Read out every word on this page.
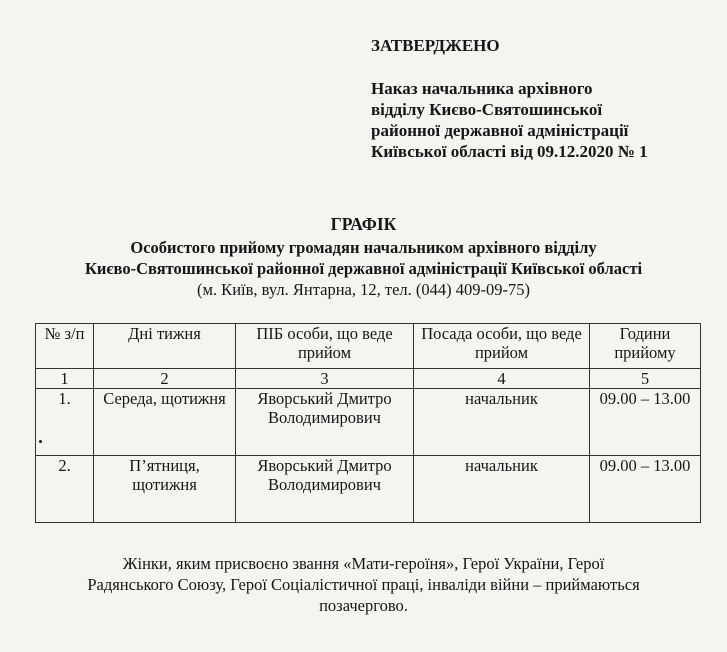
ЗАТВЕРДЖЕНО
Наказ начальника архівного
відділу Києво-Святошинської
районної державної адміністрації
Київської області від 09.12.2020 № 1
ГРАФІК
Особистого прийому громадян начальником архівного відділу
Києво-Святошинської районної державної адміністрації Київської області
(м. Київ, вул. Янтарна, 12, тел. (044) 409-09-75)
№ з/п	Дні тижня	ПІБ особи, що веде прийом	Посада особи, що веде прийом	Години прийому
1	2	3	4	5
1.	Середа, щотижня	Яворський Дмитро Володимирович	начальник	09.00 – 13.00
2.	П’ятниця, щотижня	Яворський Дмитро Володимирович	начальник	09.00 – 13.00
Жінки, яким присвоєно звання «Мати-героїня», Герої України, Герої
Радянського Союзу, Герої Соціалістичної праці, інваліди війни – приймаються
позачергово.
